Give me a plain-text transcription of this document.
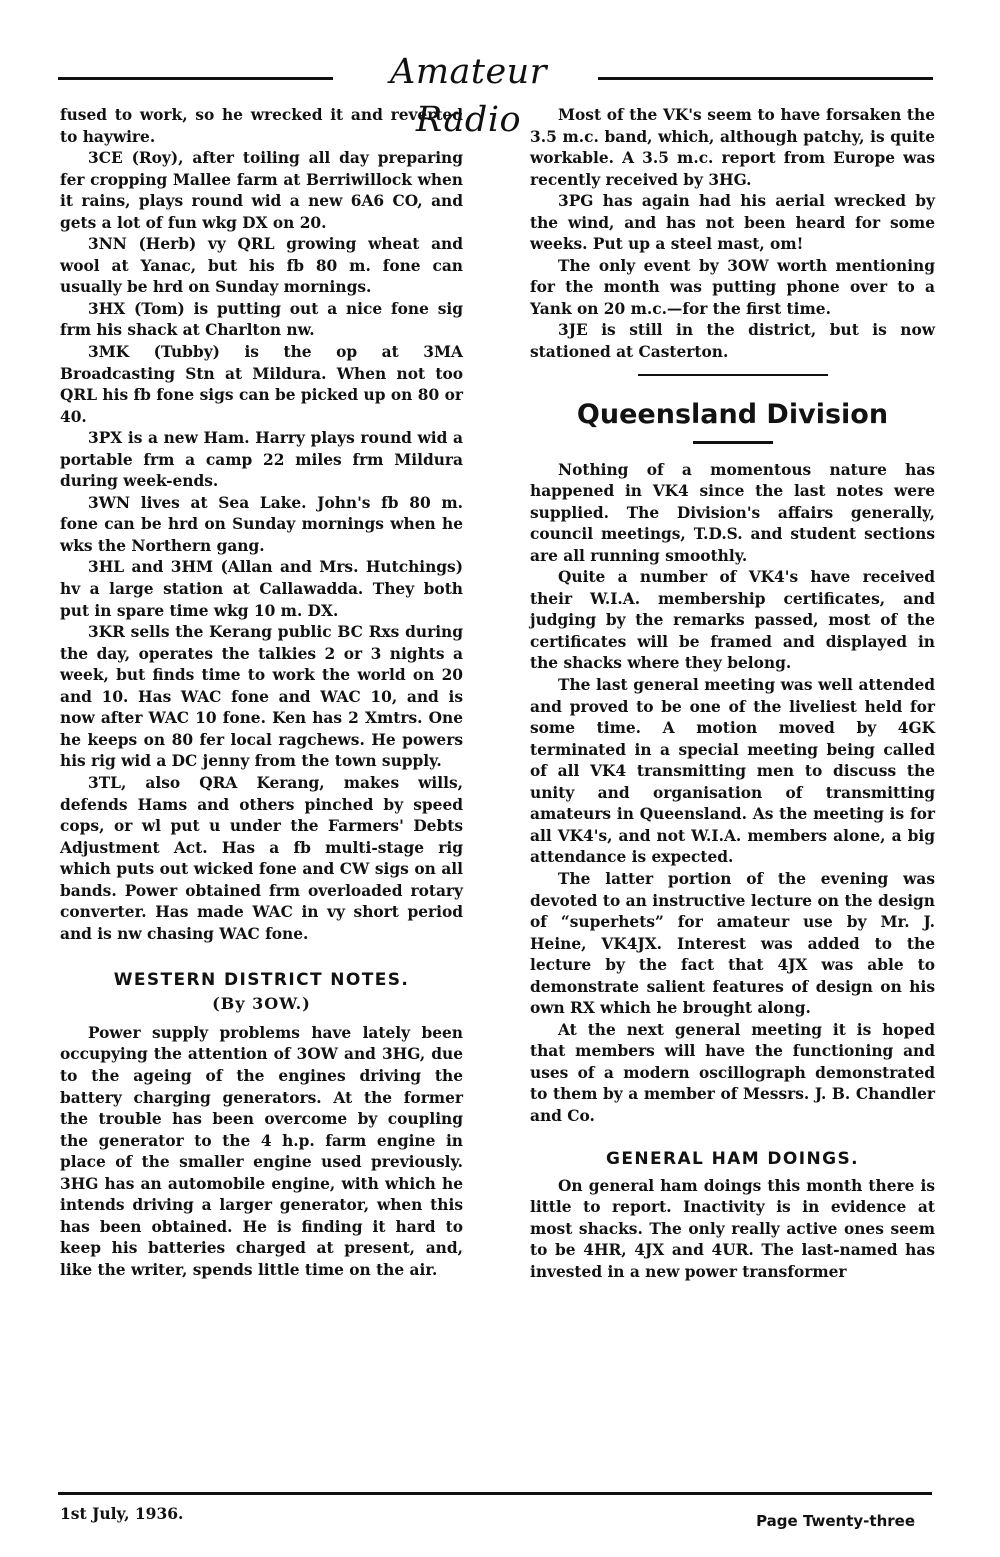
Amateur Radio

fused to work, so he wrecked it and reverted to haywire.

3CE (Roy), after toiling all day preparing fer cropping Mallee farm at Berriwillock when it rains, plays round wid a new 6A6 CO, and gets a lot of fun wkg DX on 20.

3NN (Herb) vy QRL growing wheat and wool at Yanac, but his fb 80 m. fone can usually be hrd on Sunday mornings.

3HX (Tom) is putting out a nice fone sig frm his shack at Charlton nw.

3MK (Tubby) is the op at 3MA Broadcasting Stn at Mildura. When not too QRL his fb fone sigs can be picked up on 80 or 40.

3PX is a new Ham. Harry plays round wid a portable frm a camp 22 miles frm Mildura during week-ends.

3WN lives at Sea Lake. John's fb 80 m. fone can be hrd on Sunday mornings when he wks the Northern gang.

3HL and 3HM (Allan and Mrs. Hutchings) hv a large station at Callawadda. They both put in spare time wkg 10 m. DX.

3KR sells the Kerang public BC Rxs during the day, operates the talkies 2 or 3 nights a week, but finds time to work the world on 20 and 10. Has WAC fone and WAC 10, and is now after WAC 10 fone. Ken has 2 Xmtrs. One he keeps on 80 fer local ragchews. He powers his rig wid a DC jenny from the town supply.

3TL, also QRA Kerang, makes wills, defends Hams and others pinched by speed cops, or wl put u under the Farmers' Debts Adjustment Act. Has a fb multi-stage rig which puts out wicked fone and CW sigs on all bands. Power obtained frm overloaded rotary converter. Has made WAC in vy short period and is nw chasing WAC fone.

WESTERN DISTRICT NOTES.
(By 3OW.)

Power supply problems have lately been occupying the attention of 3OW and 3HG, due to the ageing of the engines driving the battery charging generators. At the former the trouble has been overcome by coupling the generator to the 4 h.p. farm engine in place of the smaller engine used previously. 3HG has an automobile engine, with which he intends driving a larger generator, when this has been obtained. He is finding it hard to keep his batteries charged at present, and, like the writer, spends little time on the air.

Most of the VK's seem to have forsaken the 3.5 m.c. band, which, although patchy, is quite workable. A 3.5 m.c. report from Europe was recently received by 3HG.

3PG has again had his aerial wrecked by the wind, and has not been heard for some weeks. Put up a steel mast, om!

The only event by 3OW worth mentioning for the month was putting phone over to a Yank on 20 m.c.—for the first time.

3JE is still in the district, but is now stationed at Casterton.

Queensland Division

Nothing of a momentous nature has happened in VK4 since the last notes were supplied. The Division's affairs generally, council meetings, T.D.S. and student sections are all running smoothly.

Quite a number of VK4's have received their W.I.A. membership certificates, and judging by the remarks passed, most of the certificates will be framed and displayed in the shacks where they belong.

The last general meeting was well attended and proved to be one of the liveliest held for some time. A motion moved by 4GK terminated in a special meeting being called of all VK4 transmitting men to discuss the unity and organisation of transmitting amateurs in Queensland. As the meeting is for all VK4's, and not W.I.A. members alone, a big attendance is expected.

The latter portion of the evening was devoted to an instructive lecture on the design of “superhets” for amateur use by Mr. J. Heine, VK4JX. Interest was added to the lecture by the fact that 4JX was able to demonstrate salient features of design on his own RX which he brought along.

At the next general meeting it is hoped that members will have the functioning and uses of a modern oscillograph demonstrated to them by a member of Messrs. J. B. Chandler and Co.

GENERAL HAM DOINGS.

On general ham doings this month there is little to report. Inactivity is in evidence at most shacks. The only really active ones seem to be 4HR, 4JX and 4UR. The last-named has invested in a new power transformer

1st July, 1936.	Page Twenty-three
